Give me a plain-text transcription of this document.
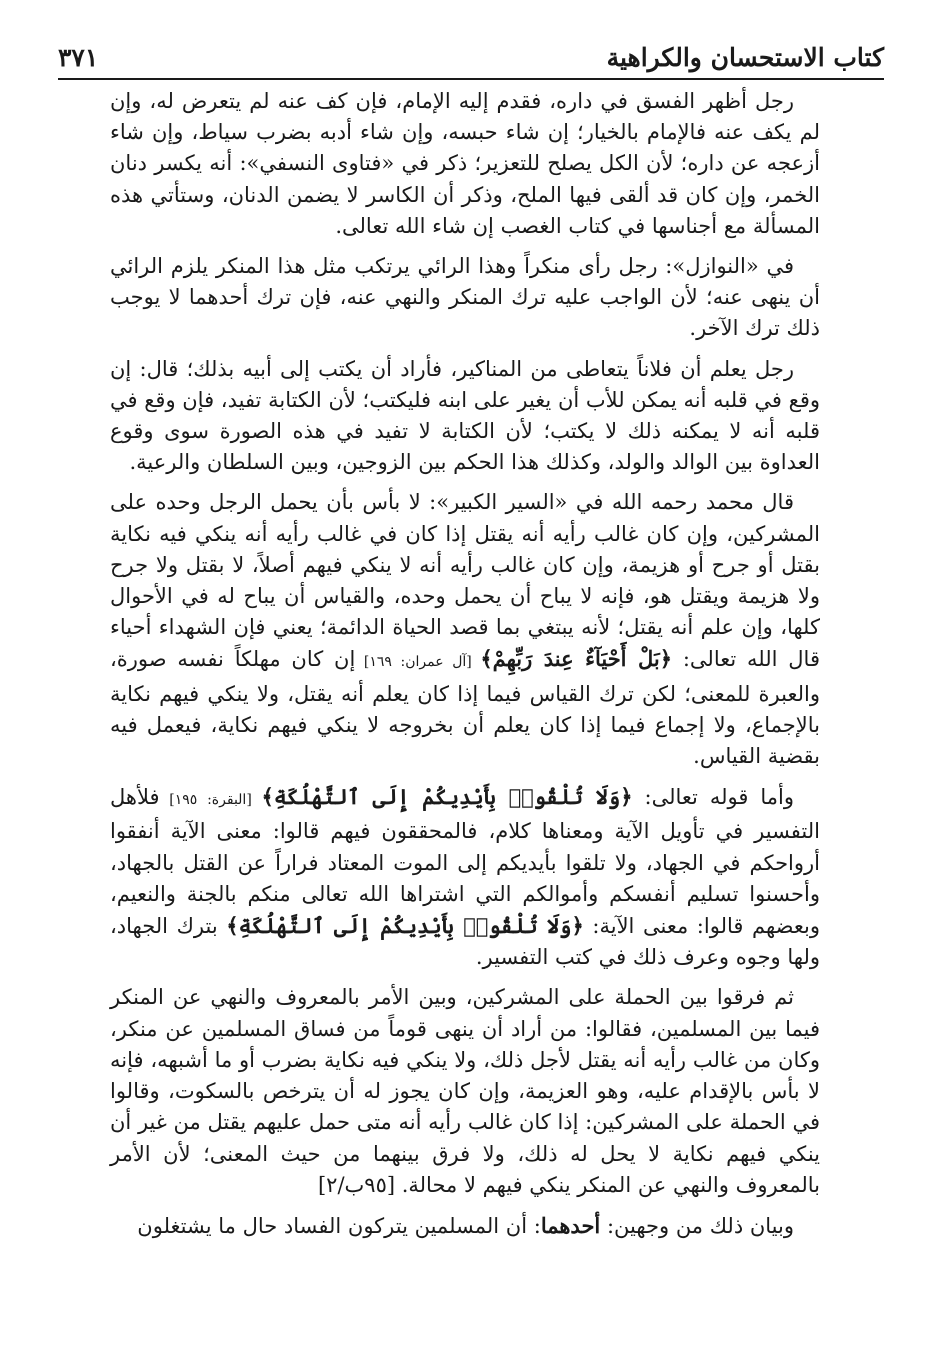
كتاب الاستحسان والكراهية
٣٧١

رجل أظهر الفسق في داره، فقدم إليه الإمام، فإن كف عنه لم يتعرض له، وإن لم يكف عنه فالإمام بالخيار؛ إن شاء حبسه، وإن شاء أدبه بضرب سياط، وإن شاء أزعجه عن داره؛ لأن الكل يصلح للتعزير؛ ذكر في «فتاوى النسفي»: أنه يكسر دنان الخمر، وإن كان قد ألقى فيها الملح، وذكر أن الكاسر لا يضمن الدنان، وستأتي هذه المسألة مع أجناسها في كتاب الغصب إن شاء الله تعالى.

في «النوازل»: رجل رأى منكراً وهذا الرائي يرتكب مثل هذا المنكر يلزم الرائي أن ينهى عنه؛ لأن الواجب عليه ترك المنكر والنهي عنه، فإن ترك أحدهما لا يوجب ذلك ترك الآخر.

رجل يعلم أن فلاناً يتعاطى من المناكير، فأراد أن يكتب إلى أبيه بذلك؛ قال: إن وقع في قلبه أنه يمكن للأب أن يغير على ابنه فليكتب؛ لأن الكتابة تفيد، فإن وقع في قلبه أنه لا يمكنه ذلك لا يكتب؛ لأن الكتابة لا تفيد في هذه الصورة سوى وقوع العداوة بين الوالد والولد، وكذلك هذا الحكم بين الزوجين، وبين السلطان والرعية.

قال محمد رحمه الله في «السير الكبير»: لا بأس بأن يحمل الرجل وحده على المشركين، وإن كان غالب رأيه أنه يقتل إذا كان في غالب رأيه أنه ينكي فيه نكاية بقتل أو جرح أو هزيمة، وإن كان غالب رأيه أنه لا ينكي فيهم أصلاً، لا بقتل ولا جرح ولا هزيمة ويقتل هو، فإنه لا يباح أن يحمل وحده، والقياس أن يباح له في الأحوال كلها، وإن علم أنه يقتل؛ لأنه يبتغي بما قصد الحياة الدائمة؛ يعني فإن الشهداء أحياء قال الله تعالى: ﴿بَلْ أَحْيَآءٌ عِندَ رَبِّهِمْ﴾ [آل عمران: ١٦٩] إن كان مهلكاً نفسه صورة، والعبرة للمعنى؛ لكن ترك القياس فيما إذا كان يعلم أنه يقتل، ولا ينكي فيهم نكاية بالإجماع، ولا إجماع فيما إذا كان يعلم أن بخروجه لا ينكي فيهم نكاية، فيعمل فيه بقضية القياس.

وأما قوله تعالى: ﴿وَلَا تُلْقُوا۟ بِأَيْدِيكُمْ إِلَى ٱلتَّهْلُكَةِ﴾ [البقرة: ١٩٥] فلأهل التفسير في تأويل الآية ومعناها كلام، فالمحققون فيهم قالوا: معنى الآية أنفقوا أرواحكم في الجهاد، ولا تلقوا بأيديكم إلى الموت المعتاد فراراً عن القتل بالجهاد، وأحسنوا تسليم أنفسكم وأموالكم التي اشتراها الله تعالى منكم بالجنة والنعيم، وبعضهم قالوا: معنى الآية: ﴿وَلَا تُلْقُوا۟ بِأَيْدِيكُمْ إِلَى ٱلتَّهْلُكَةِ﴾ بترك الجهاد، ولها وجوه وعرف ذلك في كتب التفسير.

ثم فرقوا بين الحملة على المشركين، وبين الأمر بالمعروف والنهي عن المنكر فيما بين المسلمين، فقالوا: من أراد أن ينهى قوماً من فساق المسلمين عن منكر، وكان من غالب رأيه أنه يقتل لأجل ذلك، ولا ينكي فيه نكاية بضرب أو ما أشبهه، فإنه لا بأس بالإقدام عليه، وهو العزيمة، وإن كان يجوز له أن يترخص بالسكوت، وقالوا في الحملة على المشركين: إذا كان غالب رأيه أنه متى حمل عليهم يقتل من غير أن ينكي فيهم نكاية لا يحل له ذلك، ولا فرق بينهما من حيث المعنى؛ لأن الأمر بالمعروف والنهي عن المنكر ينكي فيهم لا محالة. [٩٥ب/٢]

وبيان ذلك من وجهين: أحدهما: أن المسلمين يتركون الفساد حال ما يشتغلون
